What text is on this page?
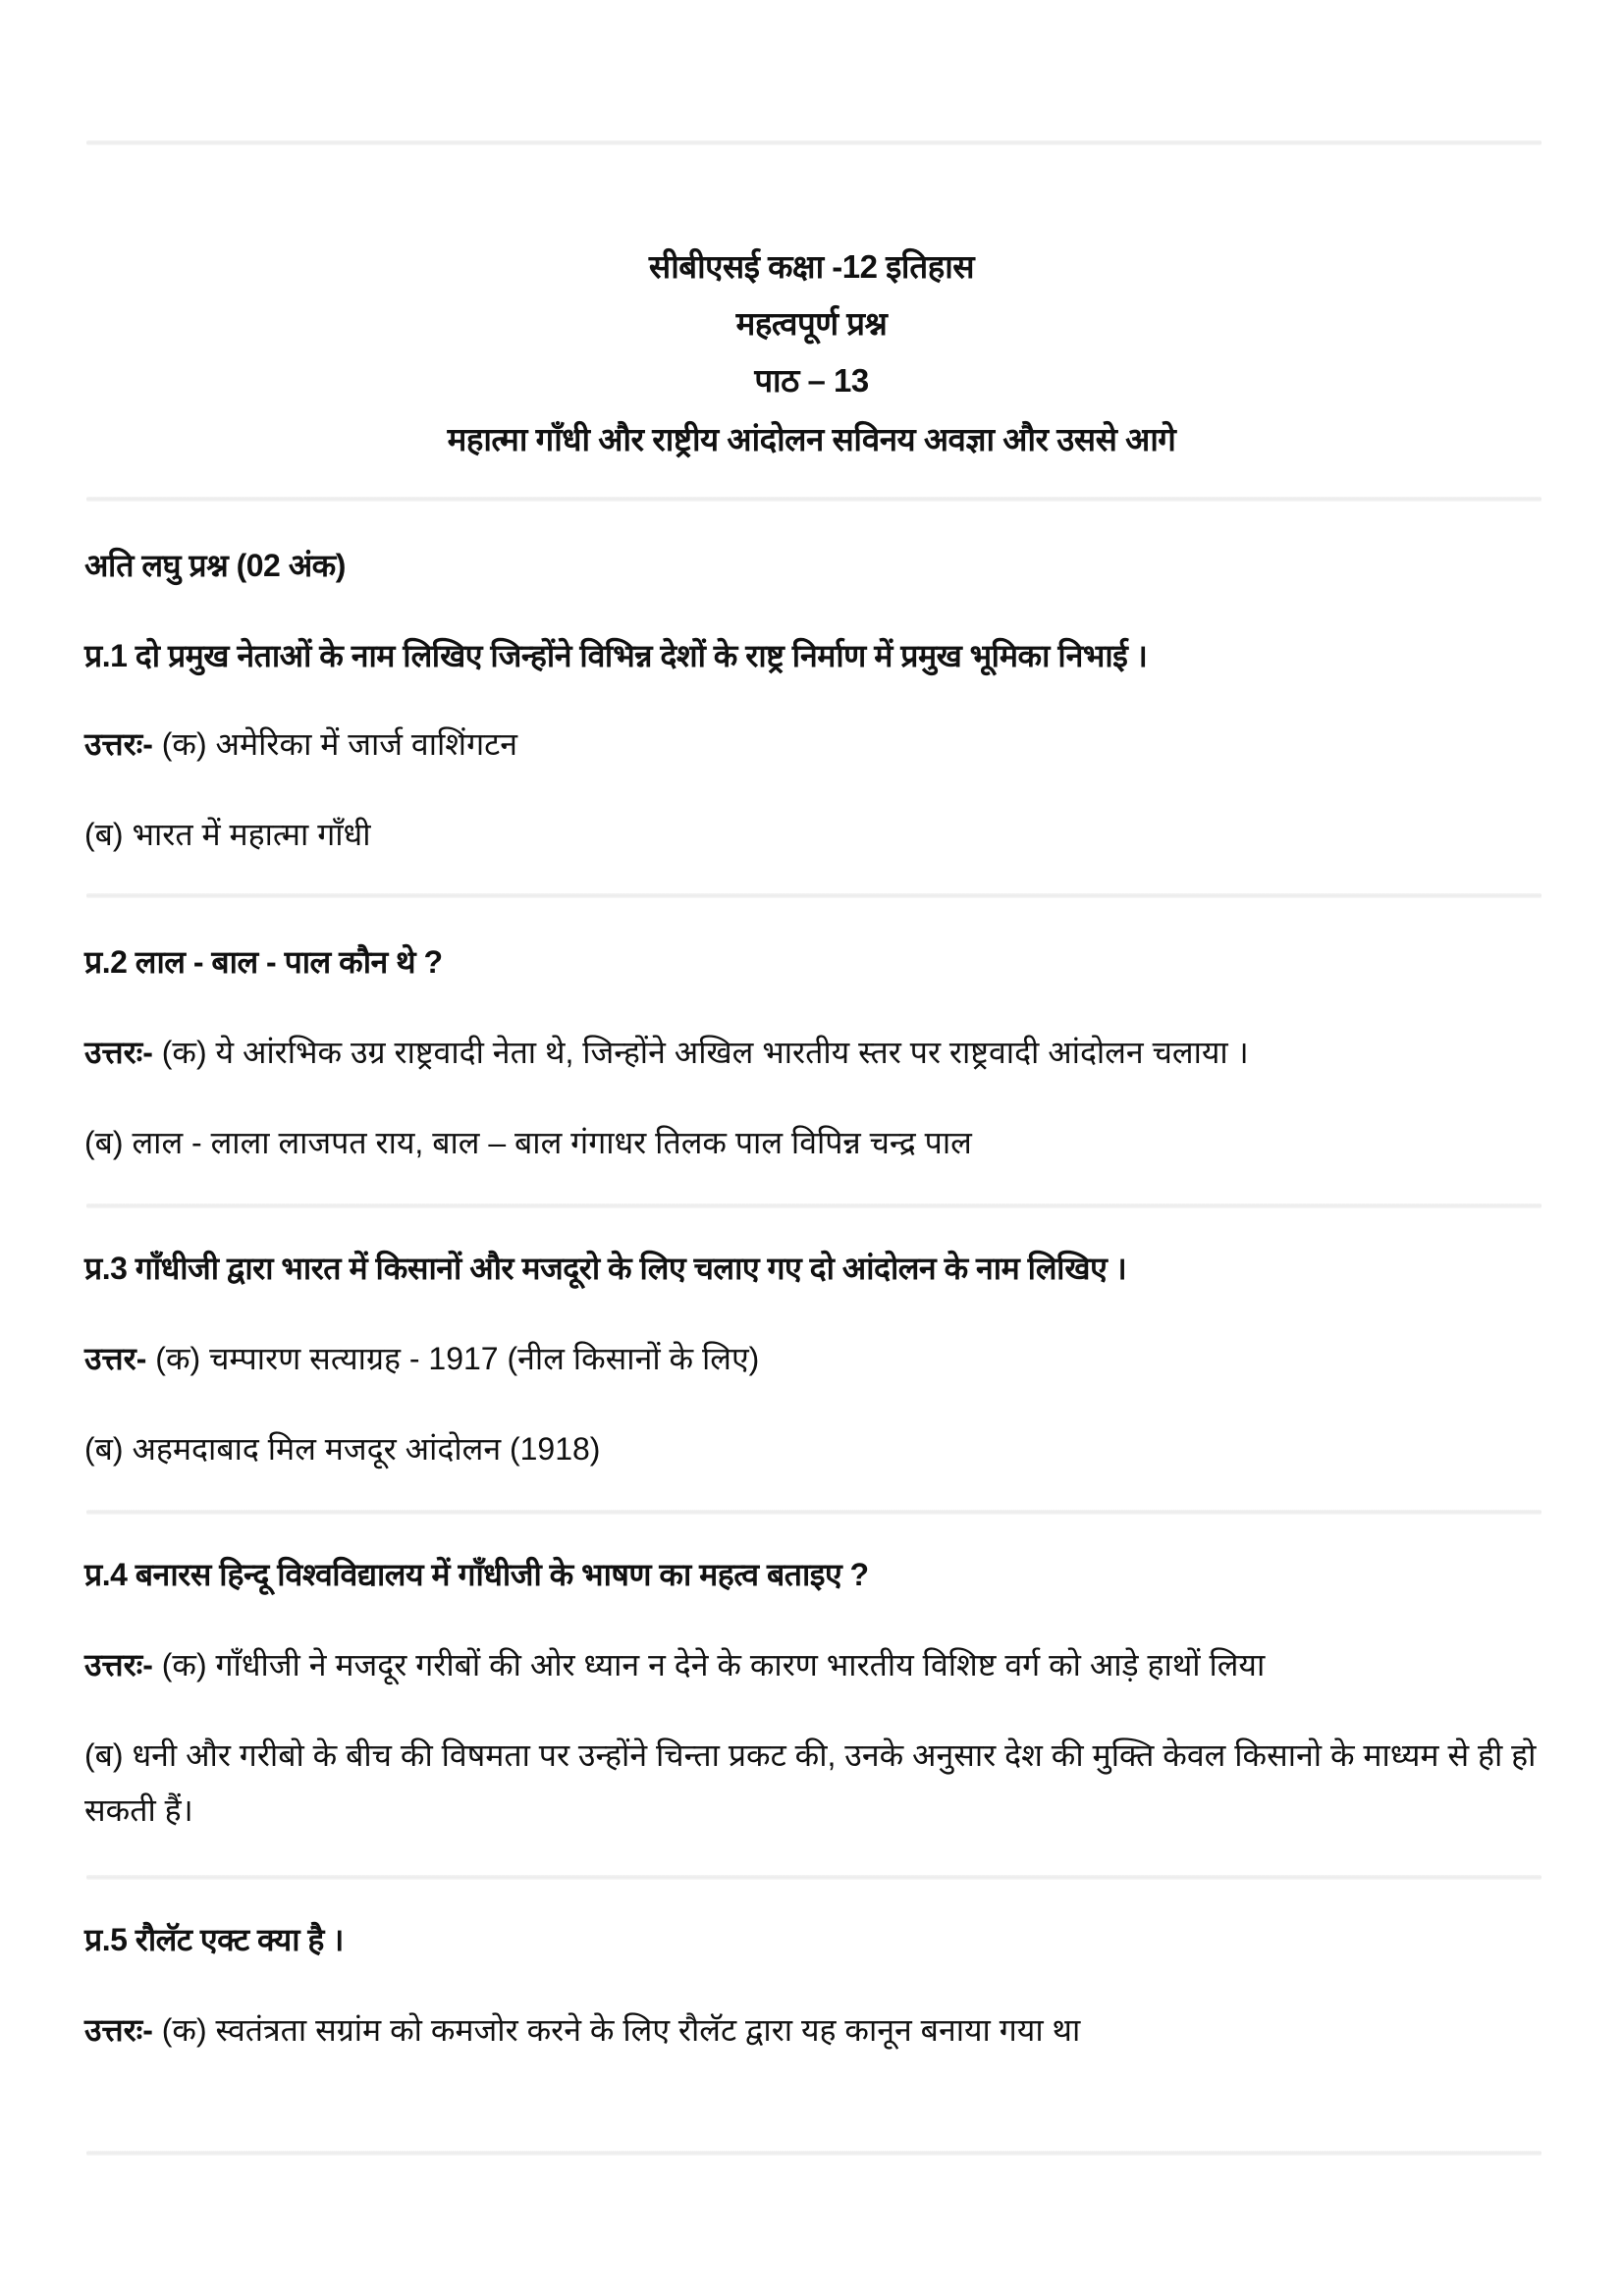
सीबीएसई कक्षा -12 इतिहास
महत्वपूर्ण प्रश्न
पाठ – 13
महात्मा गाँधी और राष्ट्रीय आंदोलन सविनय अवज्ञा और उससे आगे
अति लघु प्रश्न (02 अंक)
प्र.1 दो प्रमुख नेताओं के नाम लिखिए जिन्होंने विभिन्न देशों के राष्ट्र निर्माण में प्रमुख भूमिका निभाई ।
उत्तरः- (क) अमेरिका में जार्ज वाशिंगटन
(ब) भारत में महात्मा गाँधी
प्र.2 लाल - बाल - पाल कौन थे ?
उत्तरः- (क) ये आंरभिक उग्र राष्ट्रवादी नेता थे, जिन्होंने अखिल भारतीय स्तर पर राष्ट्रवादी आंदोलन चलाया ।
(ब) लाल - लाला लाजपत राय, बाल – बाल गंगाधर तिलक पाल विपिन्न चन्द्र पाल
प्र.3 गाँधीजी द्वारा भारत में किसानों और मजदूरो के लिए चलाए गए दो आंदोलन के नाम लिखिए ।
उत्तर- (क) चम्पारण सत्याग्रह - 1917 (नील किसानों के लिए)
(ब) अहमदाबाद मिल मजदूर आंदोलन (1918)
प्र.4 बनारस हिन्दू विश्वविद्यालय में गाँधीजी के भाषण का महत्व बताइए ?
उत्तरः- (क) गाँधीजी ने मजदूर गरीबों की ओर ध्यान न देने के कारण भारतीय विशिष्ट वर्ग को आड़े हाथों लिया
(ब) धनी और गरीबो के बीच की विषमता पर उन्होंने चिन्ता प्रकट की, उनके अनुसार देश की मुक्ति केवल किसानो के माध्यम से ही हो सकती हैं।
प्र.5 रौलॅट एक्ट क्या है ।
उत्तरः- (क) स्वतंत्रता सग्रांम को कमजोर करने के लिए रौलॅट द्वारा यह कानून बनाया गया था
